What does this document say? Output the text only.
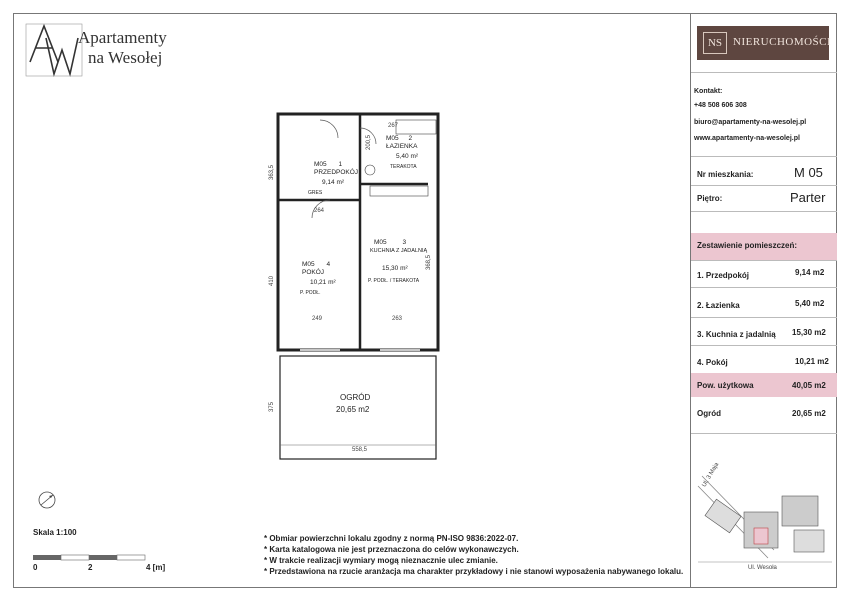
Apartamenty
na Wesołej
NS NIERUCHOMOŚCI
Kontakt:
+48 508 606 308
biuro@apartamenty-na-wesolej.pl
www.apartamenty-na-wesolej.pl
Nr mieszkania:	M 05
Piętro:	Parter
Zestawienie pomieszczeń:
1. Przedpokój	9,14 m2
2. Łazienka	5,40 m2
3. Kuchnia z jadalnią 15,30 m2
4. Pokój	10,21 m2
Pow. użytkowa	40,05 m2
Ogród	20,65 m2
M05 1
PRZEDPOKÓJ
9,14 m²
GRES
M05 2
ŁAZIENKA
5,40 m²
TERAKOTA
M05 3
KUCHNIA Z JADALNIĄ
15,30 m²
P. PODŁ. / TERAKOTA
M05 4
POKÓJ
10,21 m²
P. PODŁ.
OGRÓD
20,65 m2
267
363,5
264
249	263
410
375
558,5
200,5
368,5
Skala 1:100
0	2	4 [m]
* Obmiar powierzchni lokalu zgodny z normą PN-ISO 9836:2022-07.
* Karta katalogowa nie jest przeznaczona do celów wykonawczych.
* W trakcie realizacji wymiary mogą nieznacznie ulec zmianie.
* Przedstawiona na rzucie aranżacja ma charakter przykładowy i nie stanowi wyposażenia nabywanego lokalu.
Ul. 3 Maja
Ul. Wesoła
